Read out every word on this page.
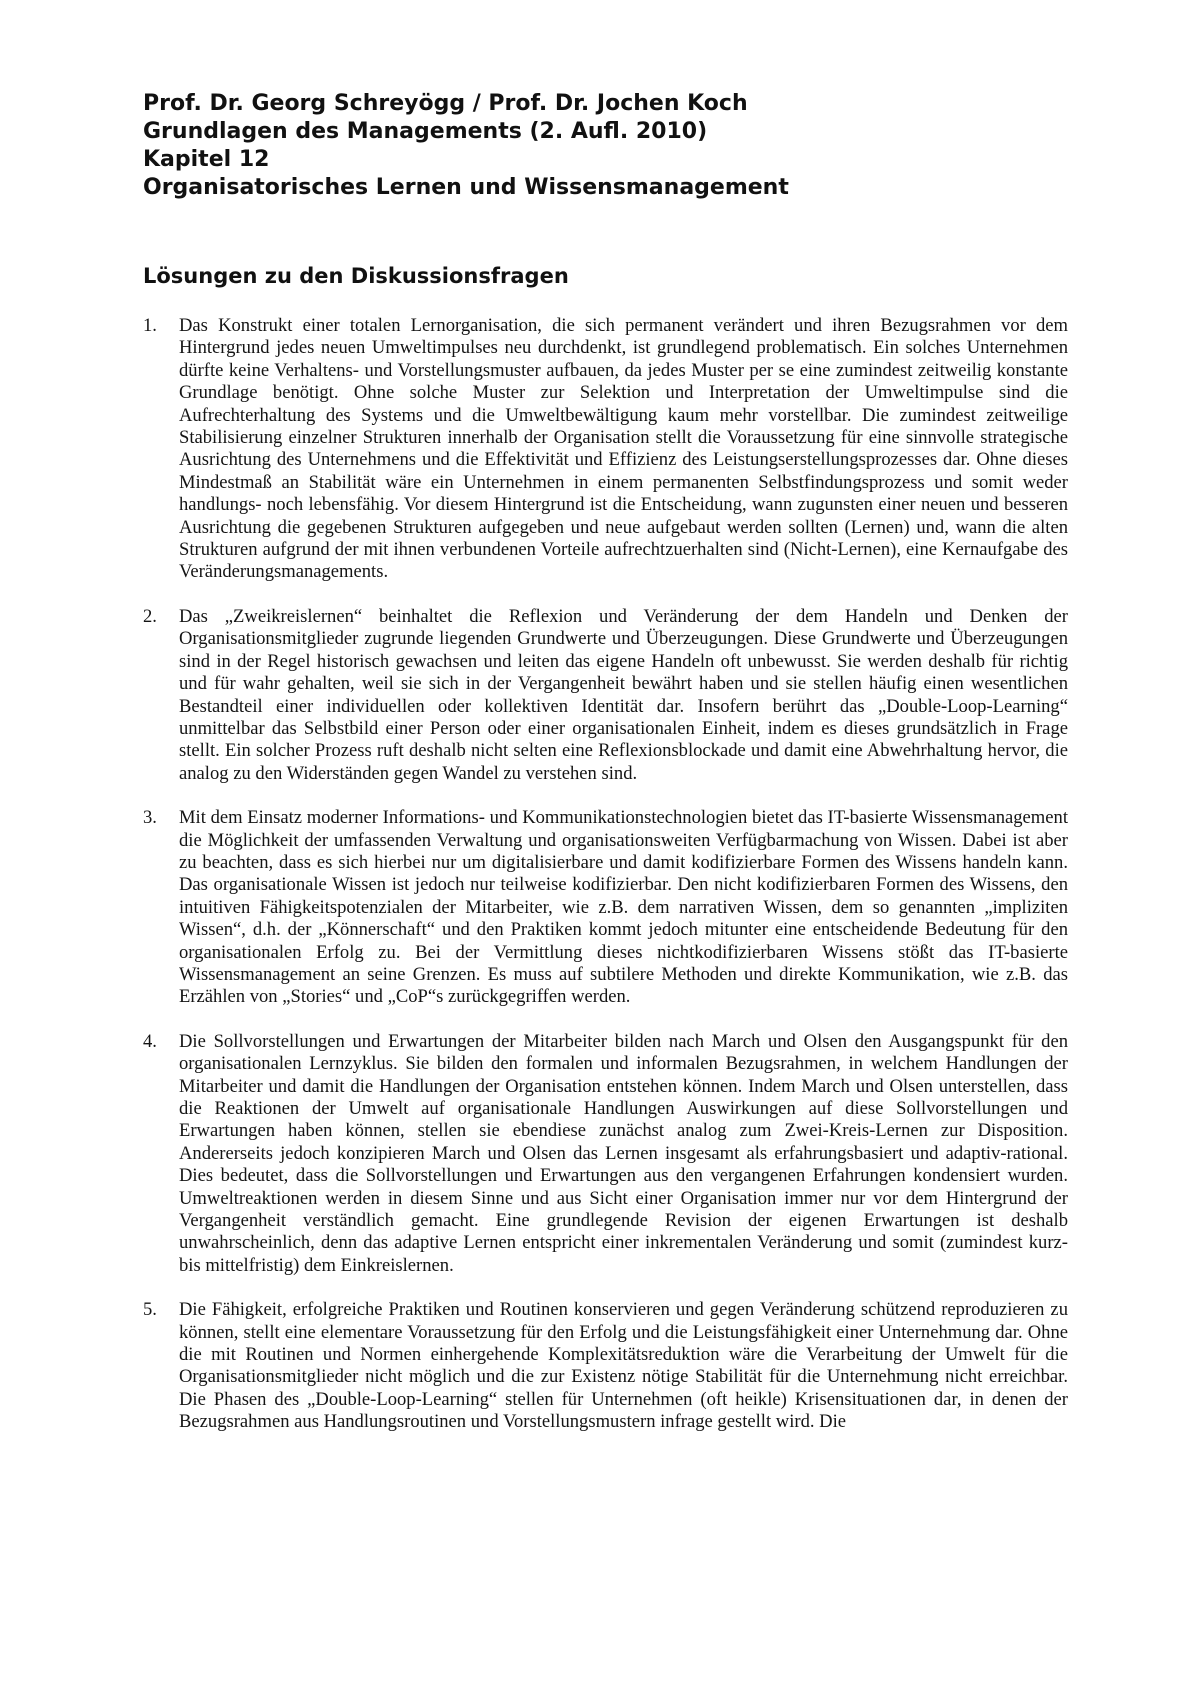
Prof. Dr. Georg Schreyögg / Prof. Dr. Jochen Koch
Grundlagen des Managements (2. Aufl. 2010)
Kapitel 12
Organisatorisches Lernen und Wissensmanagement
Lösungen zu den Diskussionsfragen
1.	Das Konstrukt einer totalen Lernorganisation, die sich permanent verändert und ihren Bezugsrahmen vor dem Hintergrund jedes neuen Umweltimpulses neu durchdenkt, ist grundlegend problematisch. Ein solches Unternehmen dürfte keine Verhaltens- und Vorstellungsmuster aufbauen, da jedes Muster per se eine zumindest zeitweilig konstante Grundlage benötigt. Ohne solche Muster zur Selektion und Interpretation der Umweltimpulse sind die Aufrechterhaltung des Systems und die Umweltbewältigung kaum mehr vorstellbar. Die zumindest zeitweilige Stabilisierung einzelner Strukturen innerhalb der Organisation stellt die Voraussetzung für eine sinnvolle strategische Ausrichtung des Unternehmens und die Effektivität und Effizienz des Leistungserstellungsprozesses dar. Ohne dieses Mindestmaß an Stabilität wäre ein Unternehmen in einem permanenten Selbstfindungsprozess und somit weder handlungs- noch lebensfähig. Vor diesem Hintergrund ist die Entscheidung, wann zugunsten einer neuen und besseren Ausrichtung die gegebenen Strukturen aufgegeben und neue aufgebaut werden sollten (Lernen) und, wann die alten Strukturen aufgrund der mit ihnen verbundenen Vorteile aufrechtzuerhalten sind (Nicht-Lernen), eine Kernaufgabe des Veränderungsmanagements.
2.	Das „Zweikreislernen“ beinhaltet die Reflexion und Veränderung der dem Handeln und Denken der Organisationsmitglieder zugrunde liegenden Grundwerte und Überzeugungen. Diese Grundwerte und Überzeugungen sind in der Regel historisch gewachsen und leiten das eigene Handeln oft unbewusst. Sie werden deshalb für richtig und für wahr gehalten, weil sie sich in der Vergangenheit bewährt haben und sie stellen häufig einen wesentlichen Bestandteil einer individuellen oder kollektiven Identität dar. Insofern berührt das „Double-Loop-Learning“ unmittelbar das Selbstbild einer Person oder einer organisationalen Einheit, indem es dieses grundsätzlich in Frage stellt. Ein solcher Prozess ruft deshalb nicht selten eine Reflexionsblockade und damit eine Abwehrhaltung hervor, die analog zu den Widerständen gegen Wandel zu verstehen sind.
3.	Mit dem Einsatz moderner Informations- und Kommunikationstechnologien bietet das IT-basierte Wissensmanagement die Möglichkeit der umfassenden Verwaltung und organisationsweiten Verfügbarmachung von Wissen. Dabei ist aber zu beachten, dass es sich hierbei nur um digitalisierbare und damit kodifizierbare Formen des Wissens handeln kann. Das organisationale Wissen ist jedoch nur teilweise kodifizierbar. Den nicht kodifizierbaren Formen des Wissens, den intuitiven Fähigkeitspotenzialen der Mitarbeiter, wie z.B. dem narrativen Wissen, dem so genannten „impliziten Wissen“, d.h. der „Könnerschaft“ und den Praktiken kommt jedoch mitunter eine entscheidende Bedeutung für den organisationalen Erfolg zu. Bei der Vermittlung dieses nichtkodifizierbaren Wissens stößt das IT-basierte Wissensmanagement an seine Grenzen. Es muss auf subtilere Methoden und direkte Kommunikation, wie z.B. das Erzählen von „Stories“ und „CoP“s zurückgegriffen werden.
4.	Die Sollvorstellungen und Erwartungen der Mitarbeiter bilden nach March und Olsen den Ausgangspunkt für den organisationalen Lernzyklus. Sie bilden den formalen und informalen Bezugsrahmen, in welchem Handlungen der Mitarbeiter und damit die Handlungen der Organisation entstehen können. Indem March und Olsen unterstellen, dass die Reaktionen der Umwelt auf organisationale Handlungen Auswirkungen auf diese Sollvorstellungen und Erwartungen haben können, stellen sie ebendiese zunächst analog zum Zwei-Kreis-Lernen zur Disposition. Andererseits jedoch konzipieren March und Olsen das Lernen insgesamt als erfahrungsbasiert und adaptiv-rational. Dies bedeutet, dass die Sollvorstellungen und Erwartungen aus den vergangenen Erfahrungen kondensiert wurden. Umweltreaktionen werden in diesem Sinne und aus Sicht einer Organisation immer nur vor dem Hintergrund der Vergangenheit verständlich gemacht. Eine grundlegende Revision der eigenen Erwartungen ist deshalb unwahrscheinlich, denn das adaptive Lernen entspricht einer inkrementalen Veränderung und somit (zumindest kurz- bis mittelfristig) dem Einkreislernen.
5.	Die Fähigkeit, erfolgreiche Praktiken und Routinen konservieren und gegen Veränderung schützend reproduzieren zu können, stellt eine elementare Voraussetzung für den Erfolg und die Leistungsfähigkeit einer Unternehmung dar. Ohne die mit Routinen und Normen einhergehende Komplexitätsreduktion wäre die Verarbeitung der Umwelt für die Organisationsmitglieder nicht möglich und die zur Existenz nötige Stabilität für die Unternehmung nicht erreichbar. Die Phasen des „Double-Loop-Learning“ stellen für Unternehmen (oft heikle) Krisensituationen dar, in denen der Bezugsrahmen aus Handlungsroutinen und Vorstellungsmustern infrage gestellt wird. Die
